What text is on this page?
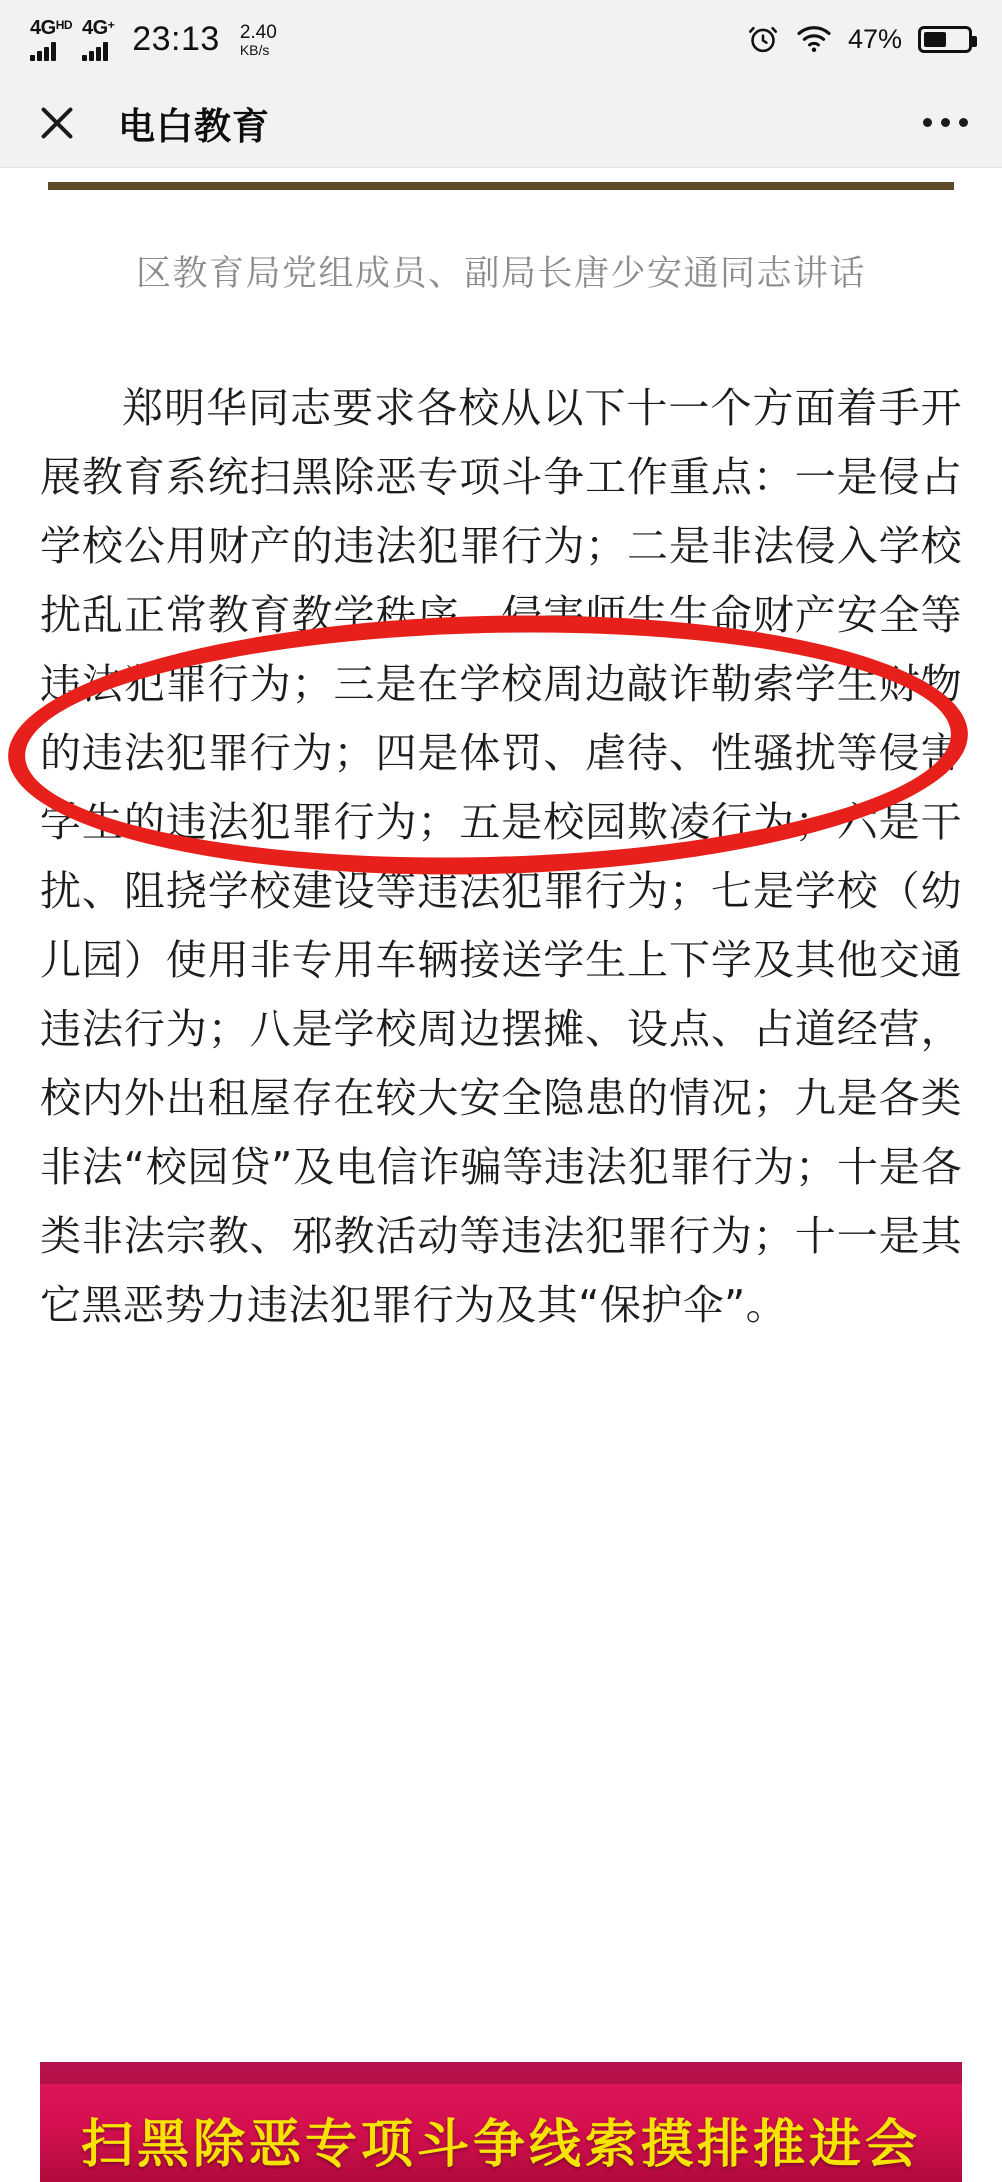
$4G^{HD}$ 4G+ 23:13 2.40
KB/s	47%
电白教育
区教育局党组成员、副局长唐少安通同志讲话
郑明华同志要求各校从以下十一个方面着手开展教育系统扫黑除恶专项斗争工作重点：一是侵占学校公用财产的违法犯罪行为；二是非法侵入学校扰乱正常教育教学秩序、侵害师生生命财产安全等违法犯罪行为；三是在学校周边敲诈勒索学生财物的违法犯罪行为；四是体罚、虐待、性骚扰等侵害学生的违法犯罪行为；五是校园欺凌行为；六是干扰、阻挠学校建设等违法犯罪行为；七是学校（幼儿园）使用非专用车辆接送学生上下学及其他交通违法行为；八是学校周边摆摊、设点、占道经营，校内外出租屋存在较大安全隐患的情况；九是各类非法“校园贷”及电信诈骗等违法犯罪行为；十是各类非法宗教、邪教活动等违法犯罪行为；十一是其它黑恶势力违法犯罪行为及其“保护伞”。
扫黑除恶专项斗争线索摸排推进会
